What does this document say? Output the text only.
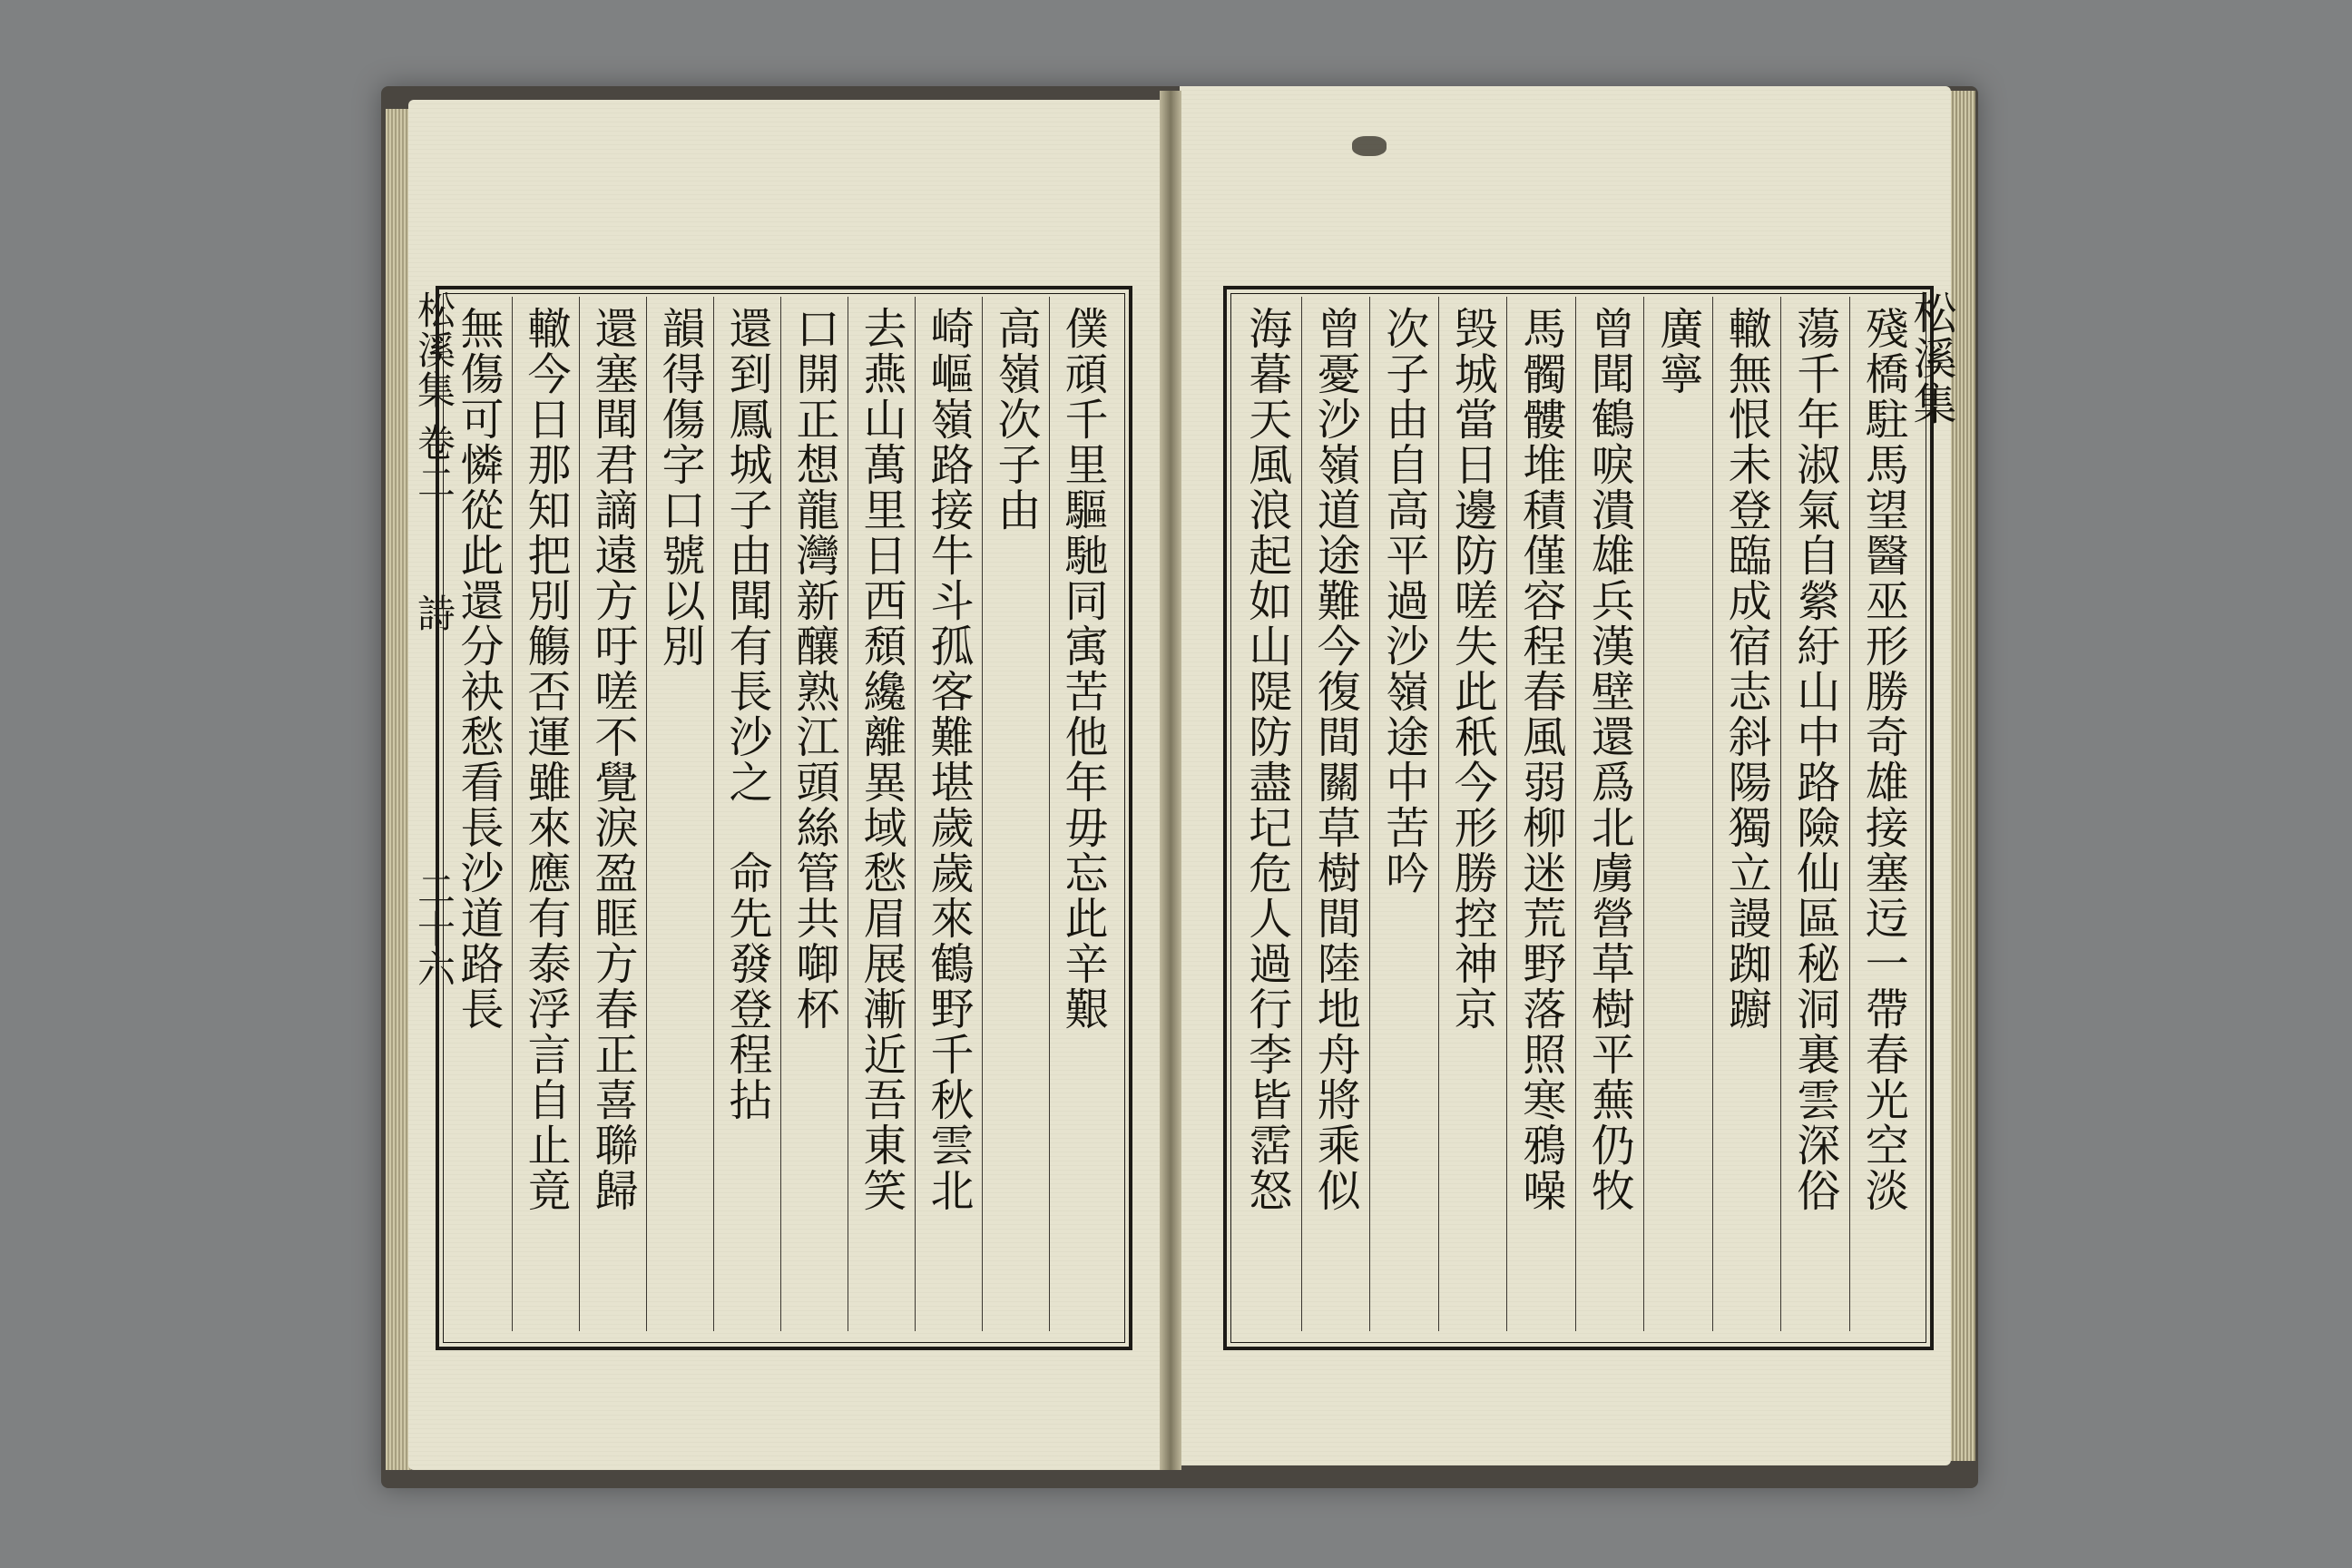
松溪集
卷二
詩
二十六	僕頑千里驅馳同㝢苦他年毋忘此辛艱
高嶺次子由
崎嶇嶺路接牛斗孤客難堪歲歲來鶴野千秋雲北
去燕山萬里日西頹纔離異域愁眉展漸近吾東笑
口開正想龍灣新釀熟江頭絲管共啣杯
還到鳳城子由聞有長沙之　命先發登程拈
韻得傷字口號以別
還塞聞君謫遠方吁嗟不覺淚盈眶方春正喜聯歸
轍今日那知把別觴否運雖來應有泰浮言自止竟
無傷可憐從此還分袂愁看長沙道路長	殘橋駐馬望醫巫形勝奇雄接塞迃一帶春光空淡
蕩千年淑氣自縈紆山中路險仙區秘洞裏雲深俗
轍無恨未登臨成宿志斜陽獨立謾踟躕
廣寧
曾聞鶴唳潰雄兵漢壁還爲北虜營草樹平蕪仍牧
馬髑髏堆積僅容程春風弱柳迷荒野落照寒鴉噪
毁城當日邊防嗟失此秖今形勝控神京
次子由自高平過沙嶺途中苦吟
曾憂沙嶺道途難今復間關草樹間陸地舟將乘似
海暮天風浪起如山隄防盡圮危人過行李皆霑怒	松溪集
